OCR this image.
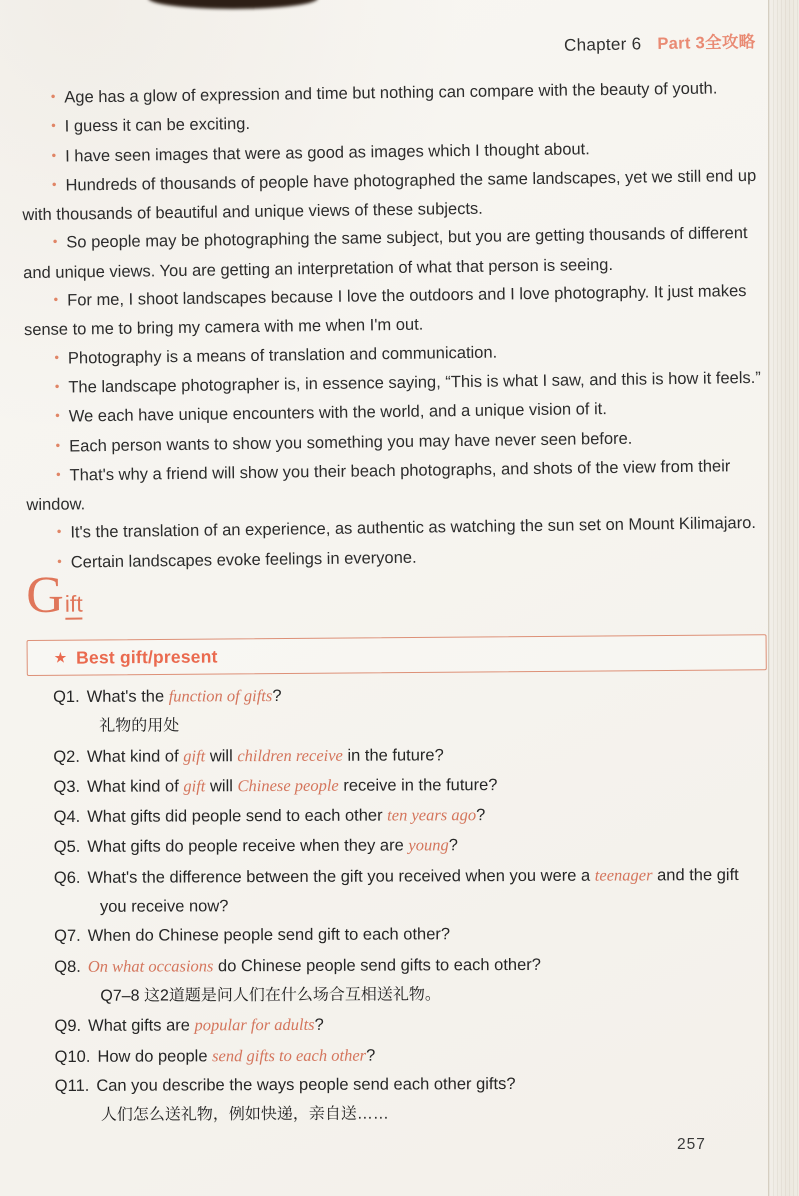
Chapter 6 Part 3全攻略

• Age has a glow of expression and time but nothing can compare with the beauty of youth.

• I guess it can be exciting.

• I have seen images that were as good as images which I thought about.

• Hundreds of thousands of people have photographed the same landscapes, yet we still end up with thousands of beautiful and unique views of these subjects.

• So people may be photographing the same subject, but you are getting thousands of different and unique views. You are getting an interpretation of what that person is seeing.

• For me, I shoot landscapes because I love the outdoors and I love photography. It just makes sense to me to bring my camera with me when I'm out.

• Photography is a means of translation and communication.

• The landscape photographer is, in essence saying, “This is what I saw, and this is how it feels.”

• We each have unique encounters with the world, and a unique vision of it.

• Each person wants to show you something you may have never seen before.

• That's why a friend will show you their beach photographs, and shots of the view from their window.

• It's the translation of an experience, as authentic as watching the sun set on Mount Kilimajaro.

• Certain landscapes evoke feelings in everyone.

Gift
★ Best gift/present

Q1. What's the function of gifts?

礼物的用处

Q2. What kind of gift will children receive in the future?

Q3. What kind of gift will Chinese people receive in the future?

Q4. What gifts did people send to each other ten years ago?

Q5. What gifts do people receive when they are young?

Q6. What's the difference between the gift you received when you were a teenager and the gift you receive now?

Q7. When do Chinese people send gift to each other?

Q8. On what occasions do Chinese people send gifts to each other?

Q7–8 这2道题是问人们在什么场合互相送礼物。

Q9. What gifts are popular for adults?

Q10. How do people send gifts to each other?

Q11. Can you describe the ways people send each other gifts?

人们怎么送礼物，例如快递，亲自送……

257
